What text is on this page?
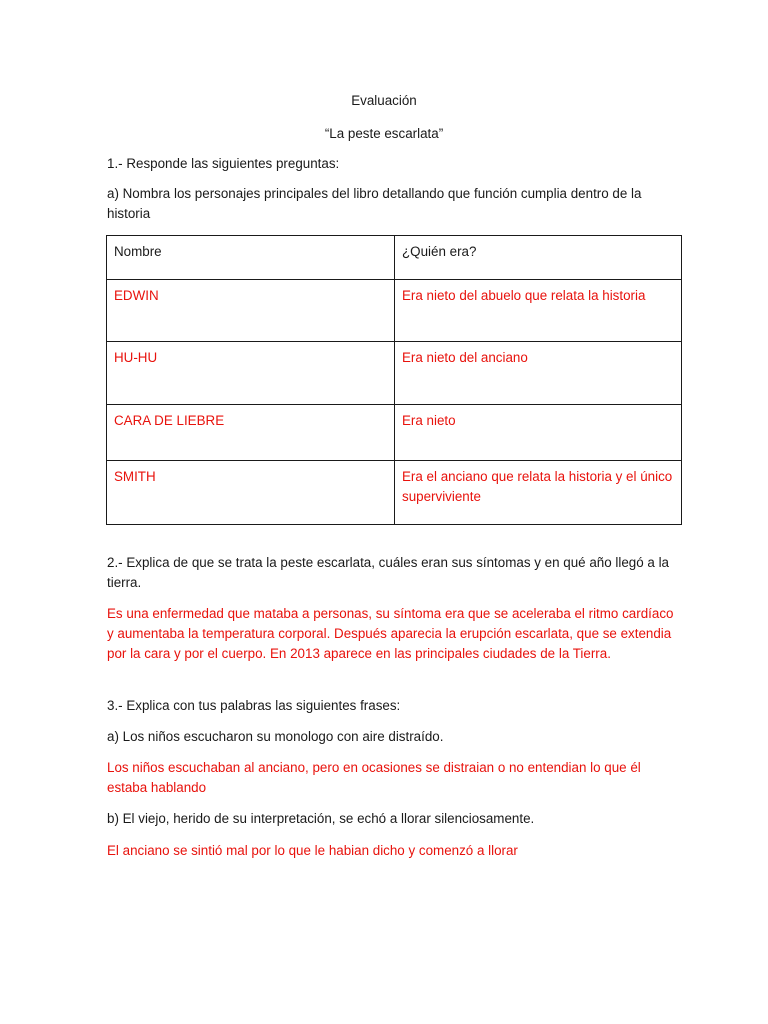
Evaluación
“La peste escarlata”
1.- Responde las siguientes preguntas:
a) Nombra los personajes principales del libro detallando que función cumplia dentro de la historia
Nombre	¿Quién era?
EDWIN	Era nieto del abuelo que relata la historia
HU-HU	Era nieto del anciano
CARA DE LIEBRE	Era nieto
SMITH	Era el anciano que relata la historia y el único superviviente
2.- Explica de que se trata la peste escarlata, cuáles eran sus síntomas y en qué año llegó a la tierra.
Es una enfermedad que mataba a personas, su síntoma era que se aceleraba el ritmo cardíaco y aumentaba la temperatura corporal. Después aparecia la erupción escarlata, que se extendia por la cara y por el cuerpo. En 2013 aparece en las principales ciudades de la Tierra.
3.- Explica con tus palabras las siguientes frases:
a) Los niños escucharon su monologo con aire distraído.
Los niños escuchaban al anciano, pero en ocasiones se distraian o no entendian lo que él estaba hablando
b) El viejo, herido de su interpretación, se echó a llorar silenciosamente.
El anciano se sintió mal por lo que le habian dicho y comenzó a llorar
